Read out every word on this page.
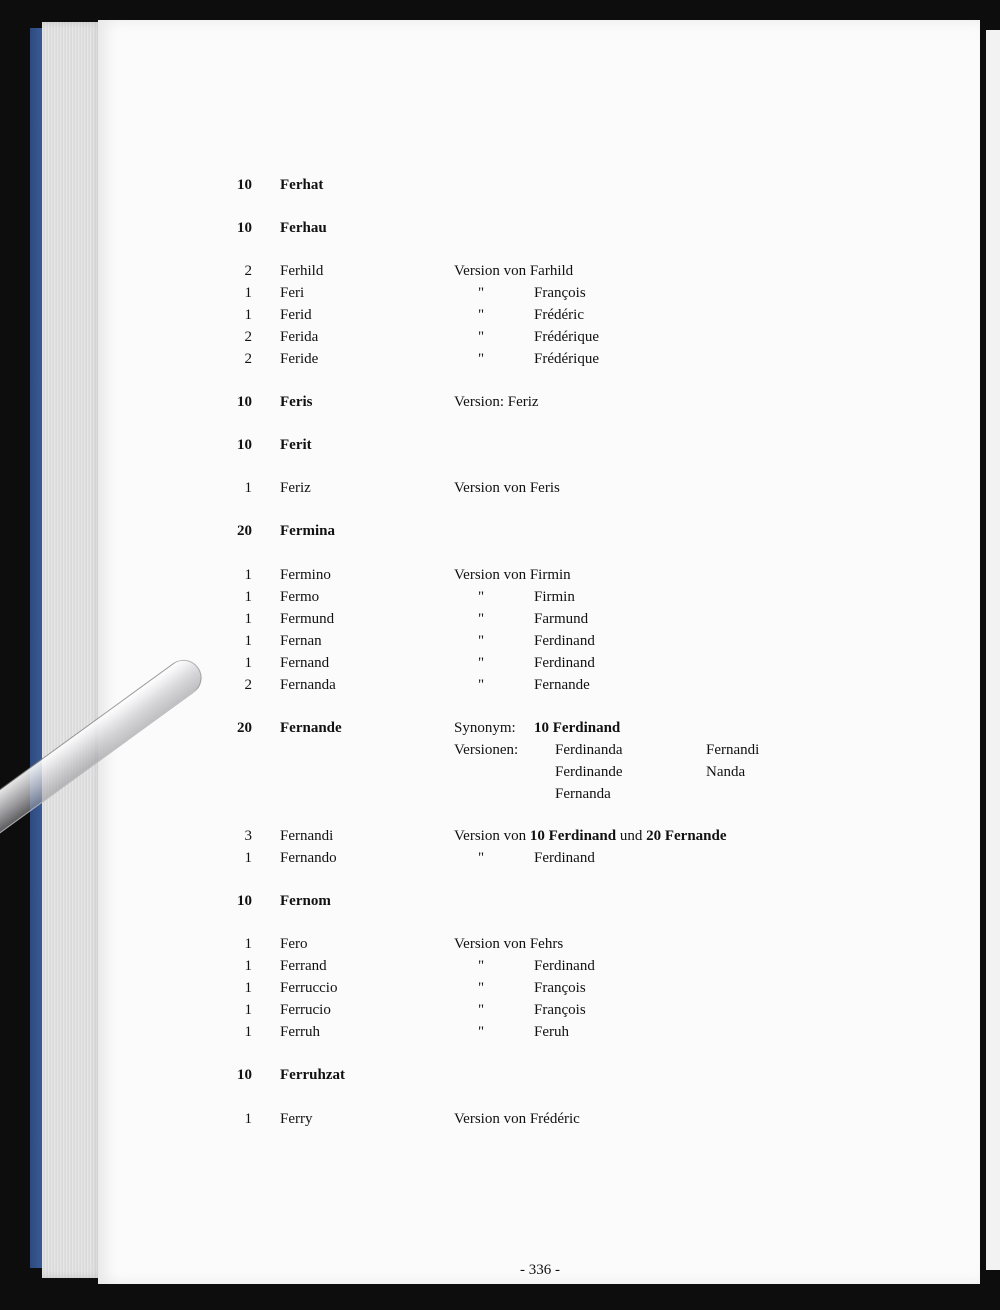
10 Ferhat
10 Ferhau
2 Ferhild	Version von Farhild
1 Feri	"	François
1 Ferid	"	Frédéric
2 Ferida	"	Frédérique
2 Feride	"	Frédérique
10 Feris	Version: Feriz
10 Ferit
1 Feriz	Version von Feris
20 Fermina
1 Fermino	Version von Firmin
1 Fermo	"	Firmin
1 Fermund	"	Farmund
1 Fernan	"	Ferdinand
1 Fernand	"	Ferdinand
2 Fernanda	"	Fernande
20 Fernande	Synonym: 10 Ferdinand
Versionen: Ferdinanda	Fernandi
Ferdinande	Nanda
Fernanda
3 Fernandi	Version von 10 Ferdinand und 20 Fernande
1 Fernando	"	Ferdinand
10 Fernom
1 Fero	Version von Fehrs
1 Ferrand	"	Ferdinand
1 Ferruccio	"	François
1 Ferrucio	"	François
1 Ferruh	"	Feruh
10 Ferruhzat
1 Ferry	Version von Frédéric
- 336 -
